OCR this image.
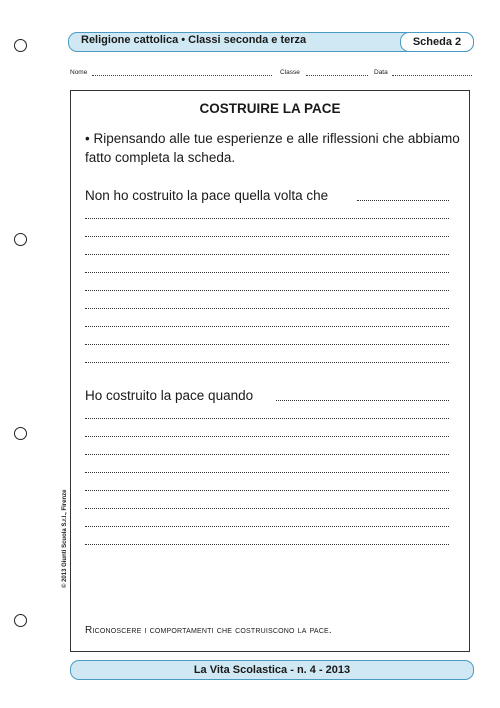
Religione cattolica • Classi seconda e terza	Scheda 2
Nome	Classe	Data
COSTRUIRE LA PACE
• Ripensando alle tue esperienze e alle riflessioni che abbiamo fatto completa la scheda.
Non ho costruito la pace quella volta che
Ho costruito la pace quando
Riconoscere i comportamenti che costruiscono la pace.
© 2013 Giunti Scuola S.r.l., Firenze
La Vita Scolastica - n. 4 - 2013
